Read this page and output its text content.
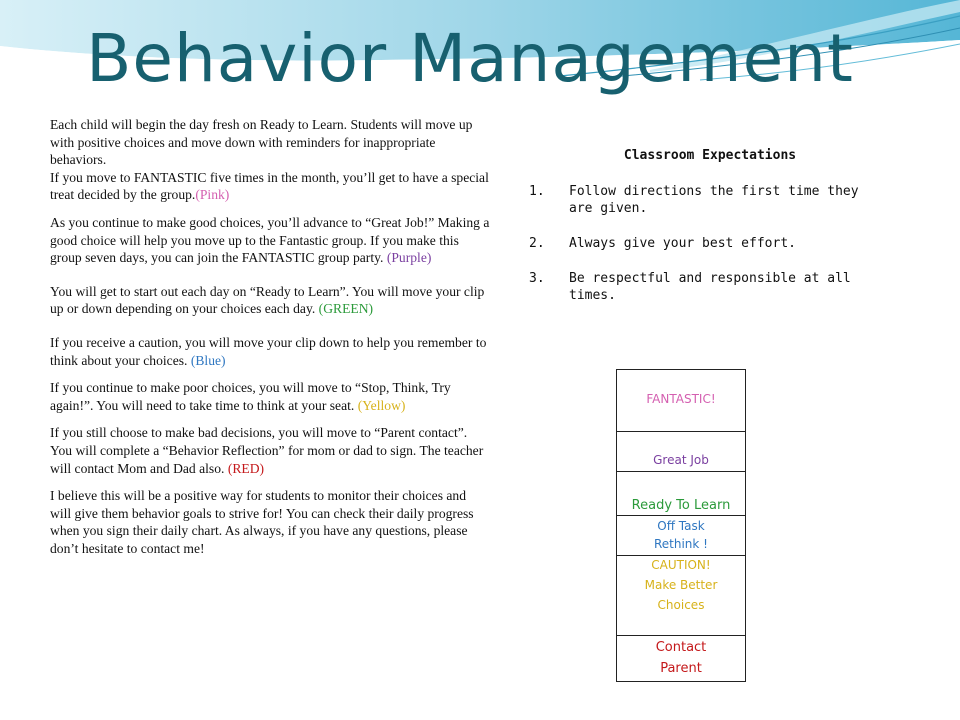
Behavior Management

Each child will begin the day fresh on Ready to Learn. Students will move up with positive choices and move down with reminders for inappropriate behaviors.

If you move to FANTASTIC five times in the month, you’ll get to have a special treat decided by the group.(Pink)

As you continue to make good choices, you’ll advance to “Great Job!” Making a good choice will help you move up to the Fantastic group. If you make this group seven days, you can join the FANTASTIC group party. (Purple)

You will get to start out each day on “Ready to Learn”. You will move your clip up or down depending on your choices each day. (GREEN)

If you receive a caution, you will move your clip down to help you remember to think about your choices. (Blue)

If you continue to make poor choices, you will move to “Stop, Think, Try again!”. You will need to take time to think at your seat. (Yellow)

If you still choose to make bad decisions, you will move to “Parent contact”. You will complete a “Behavior Reflection” for mom or dad to sign. The teacher will contact Mom and Dad also. (RED)

I believe this will be a positive way for students to monitor their choices and will give them behavior goals to strive for! You can check their daily progress when you sign their daily chart. As always, if you have any questions, please don’t hesitate to contact me!

Classroom Expectations
1.	Follow directions the first time they are given.
2.	Always give your best effort.
3.	Be respectful and responsible at all times.
FANTASTIC!
Great Job
Ready To Learn
Off Task
Rethink !
CAUTION!
Make Better
Choices
Contact
Parent
